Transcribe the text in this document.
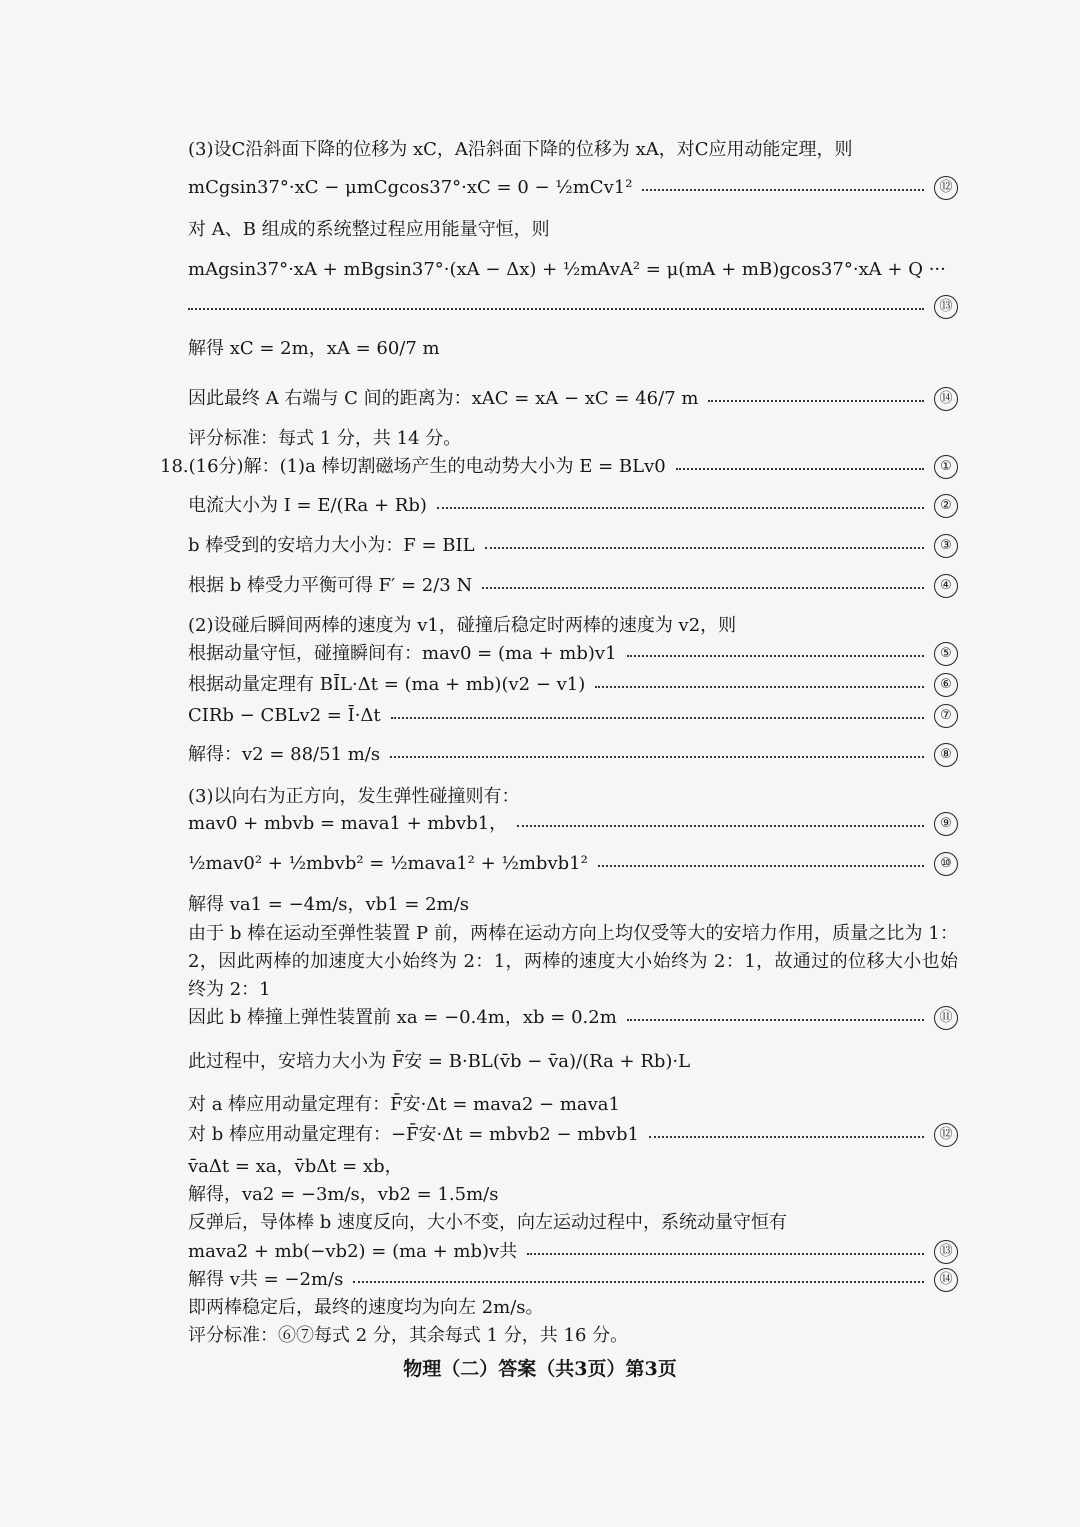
(3)设C沿斜面下降的位移为 xC，A沿斜面下降的位移为 xA，对C应用动能定理，则
mCgsin37°·xC − μmCgcos37°·xC = 0 − ½mCv1²	⑫
对 A、B 组成的系统整过程应用能量守恒，则
mAgsin37°·xA + mBgsin37°·(xA − Δx) + ½mAvA² = μ(mA + mB)gcos37°·xA + Q ···
⑬
解得 xC = 2m，xA = 60/7 m
因此最终 A 右端与 C 间的距离为：xAC = xA − xC = 46/7 m	⑭
评分标准：每式 1 分，共 14 分。
18.(16分)解：(1)a 棒切割磁场产生的电动势大小为 E = BLv0	①
电流大小为 I = E/(Ra + Rb)	②
b 棒受到的安培力大小为：F = BIL	③
根据 b 棒受力平衡可得 F′ = 2/3 N	④
(2)设碰后瞬间两棒的速度为 v1，碰撞后稳定时两棒的速度为 v2，则
根据动量守恒，碰撞瞬间有：mav0 = (ma + mb)v1	⑤
根据动量定理有 BĪL·Δt = (ma + mb)(v2 − v1)	⑥
CIRb − CBLv2 = Ī·Δt	⑦
解得：v2 = 88/51 m/s	⑧
(3)以向右为正方向，发生弹性碰撞则有：
mav0 + mbvb = mava1 + mbvb1，	⑨
½mav0² + ½mbvb² = ½mava1² + ½mbvb1²	⑩
解得 va1 = −4m/s，vb1 = 2m/s
由于 b 棒在运动至弹性装置 P 前，两棒在运动方向上均仅受等大的安培力作用，质量之比为 1：2，因此两棒的加速度大小始终为 2：1，两棒的速度大小始终为 2：1，故通过的位移大小也始终为 2：1
因此 b 棒撞上弹性装置前 xa = −0.4m，xb = 0.2m	⑪
此过程中，安培力大小为 F̄安 = B·BL(v̄b − v̄a)/(Ra + Rb)·L
对 a 棒应用动量定理有：F̄安·Δt = mava2 − mava1
对 b 棒应用动量定理有：−F̄安·Δt = mbvb2 − mbvb1	⑫
v̄aΔt = xa，v̄bΔt = xb，
解得，va2 = −3m/s，vb2 = 1.5m/s
反弹后，导体棒 b 速度反向，大小不变，向左运动过程中，系统动量守恒有
mava2 + mb(−vb2) = (ma + mb)v共	⑬
解得 v共 = −2m/s	⑭
即两棒稳定后，最终的速度均为向左 2m/s。
评分标准：⑥⑦每式 2 分，其余每式 1 分，共 16 分。
物理（二）答案（共3页）第3页
